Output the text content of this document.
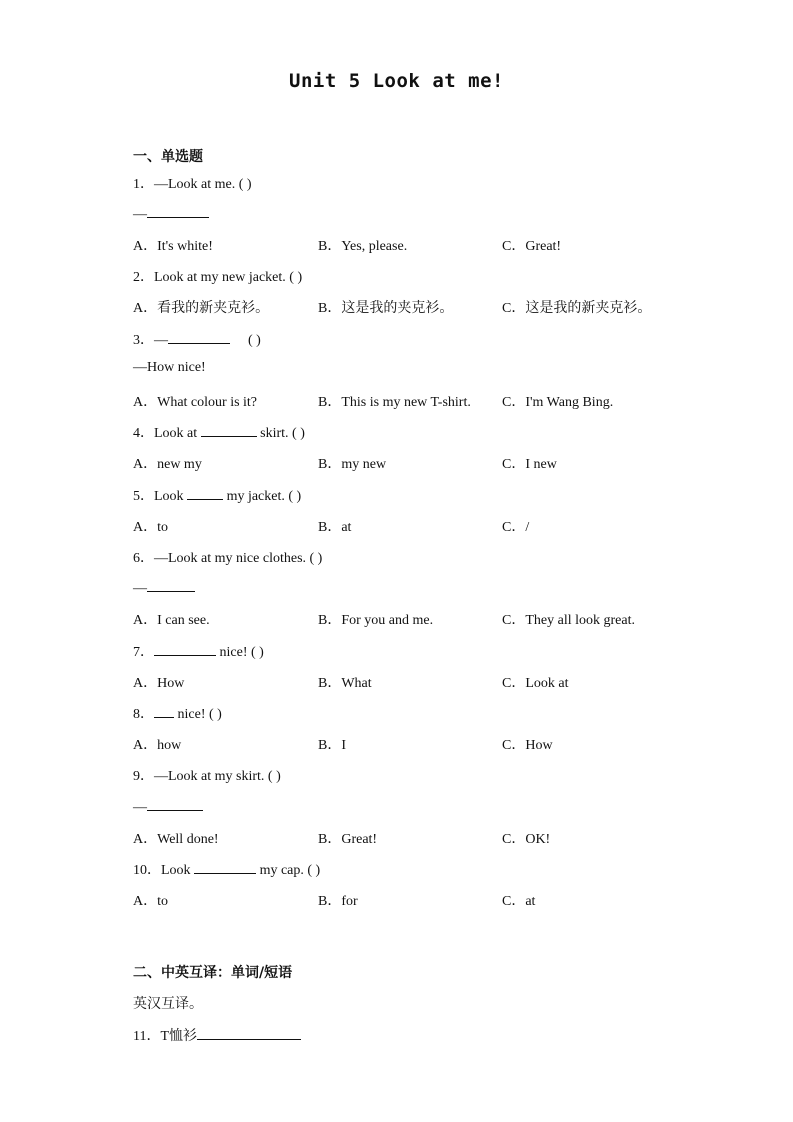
Unit 5 Look at me!
一、单选题
1．—Look at me. ( )
—
A．It's white!	B．Yes, please.	C．Great!
2．Look at my new jacket. ( )
A．看我的新夹克衫。	B．这是我的夹克衫。	C．这是我的新夹克衫。
3．—	( )
—How nice!
A．What colour is it?	B．This is my new T-shirt. C．I'm Wang Bing.
4．Look at	skirt. ( )
A．new my	B．my new	C．I new
5．Look	my jacket. ( )
A．to	B．at	C．/
6．—Look at my nice clothes. ( )
—
A．I can see.	B．For you and me.	C．They all look great.
7．	nice! ( )
A．How	B．What	C．Look at
8． nice! ( )
A．how	B．I	C．How
9．—Look at my skirt. ( )
—
A．Well done!	B．Great!	C．OK!
10．Look	my cap. ( )
A．to	B．for	C．at
二、中英互译：单词/短语
英汉互译。
11．T恤衫
